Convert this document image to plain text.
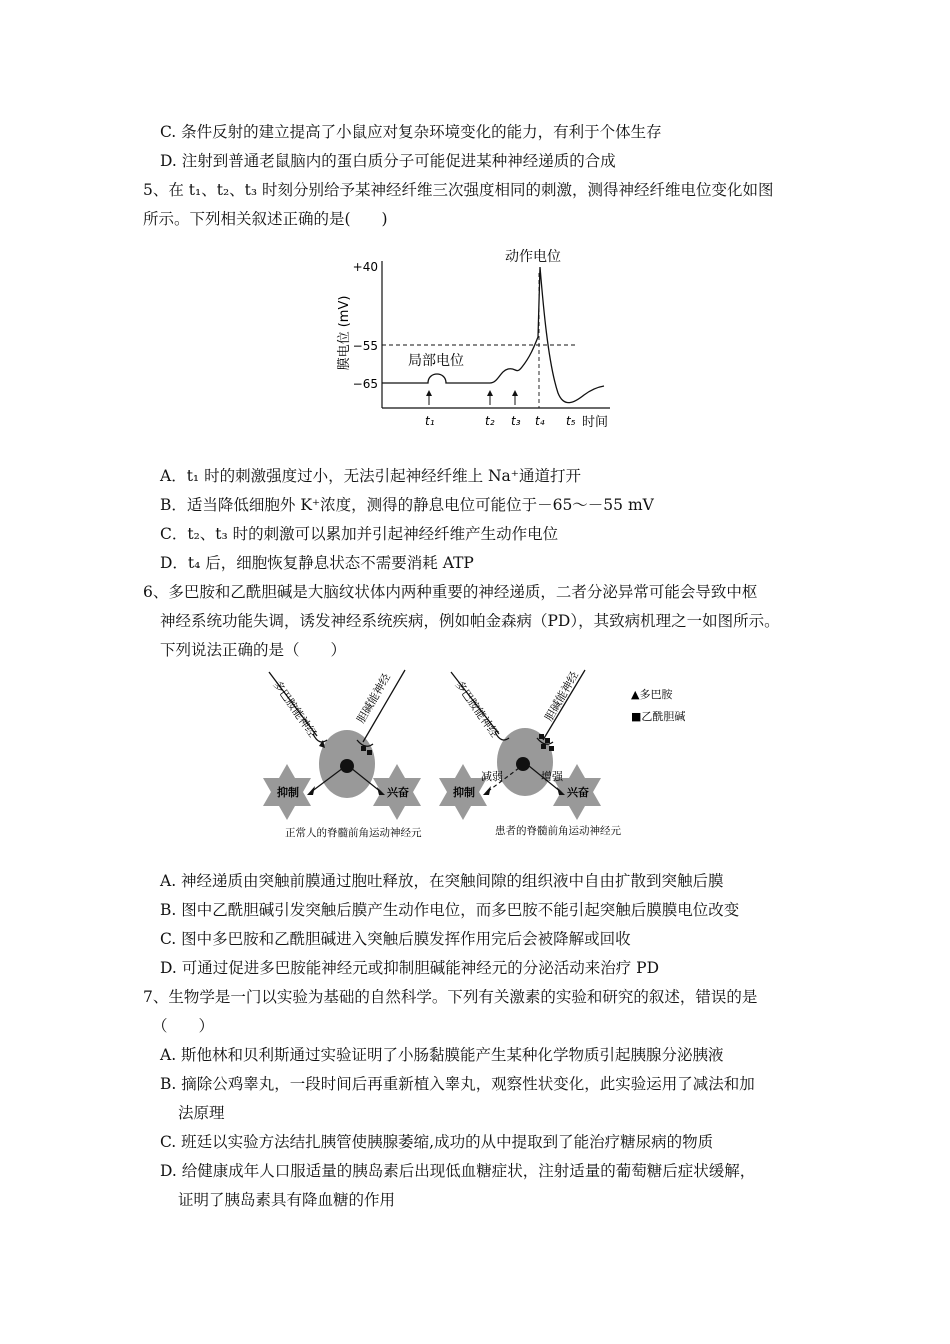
C. 条件反射的建立提高了小鼠应对复杂环境变化的能力，有利于个体生存
D. 注射到普通老鼠脑内的蛋白质分子可能促进某种神经递质的合成
5、在 t₁、t₂、t₃ 时刻分别给予某神经纤维三次强度相同的刺激，测得神经纤维电位变化如图
所示。下列相关叙述正确的是(　　)
膜电位 (mV)
+40
−55
−65
动作电位
局部电位
t₁	t₂ t₃ t₄ t₅ 时间
A．t₁ 时的刺激强度过小，无法引起神经纤维上 Na⁺通道打开
B．适当降低细胞外 K⁺浓度，测得的静息电位可能位于－65～－55 mV
C．t₂、t₃ 时的刺激可以累加并引起神经纤维产生动作电位
D．t₄ 后，细胞恢复静息状态不需要消耗 ATP
6、多巴胺和乙酰胆碱是大脑纹状体内两种重要的神经递质，二者分泌异常可能会导致中枢
神经系统功能失调，诱发神经系统疾病，例如帕金森病（PD），其致病机理之一如图所示。
下列说法正确的是（　　）
多巴胺能神经	胆碱能神经
抑制	兴奋
正常人的脊髓前角运动神经元
多巴胺能神经	胆碱能神经
减弱	增强
抑制	兴奋
患者的脊髓前角运动神经元
▲多巴胺
■乙酰胆碱
A. 神经递质由突触前膜通过胞吐释放，在突触间隙的组织液中自由扩散到突触后膜
B. 图中乙酰胆碱引发突触后膜产生动作电位，而多巴胺不能引起突触后膜膜电位改变
C. 图中多巴胺和乙酰胆碱进入突触后膜发挥作用完后会被降解或回收
D. 可通过促进多巴胺能神经元或抑制胆碱能神经元的分泌活动来治疗 PD
7、生物学是一门以实验为基础的自然科学。下列有关激素的实验和研究的叙述，错误的是
（　　）
A. 斯他林和贝利斯通过实验证明了小肠黏膜能产生某种化学物质引起胰腺分泌胰液
B. 摘除公鸡睾丸，一段时间后再重新植入睾丸，观察性状变化，此实验运用了减法和加
法原理
C. 班廷以实验方法结扎胰管使胰腺萎缩,成功的从中提取到了能治疗糖尿病的物质
D. 给健康成年人口服适量的胰岛素后出现低血糖症状，注射适量的葡萄糖后症状缓解，
证明了胰岛素具有降血糖的作用
